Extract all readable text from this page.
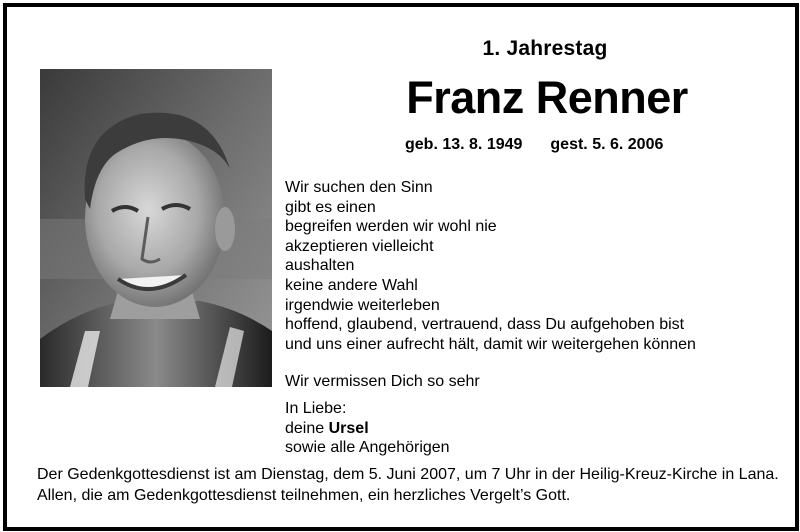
1. Jahrestag
Franz Renner
geb. 13. 8. 1949 gest. 5. 6. 2006
Wir suchen den Sinn
gibt es einen
begreifen werden wir wohl nie
akzeptieren vielleicht
aushalten
keine andere Wahl
irgendwie weiterleben
hoffend, glaubend, vertrauend, dass Du aufgehoben bist
und uns einer aufrecht hält, damit wir weitergehen können
Wir vermissen Dich so sehr
In Liebe:
deine Ursel
sowie alle Angehörigen
Der Gedenkgottesdienst ist am Dienstag, dem 5. Juni 2007, um 7 Uhr in der Heilig-Kreuz-Kirche in Lana. Allen, die am Gedenkgottesdienst teilnehmen, ein herzliches Vergelt’s Gott.
